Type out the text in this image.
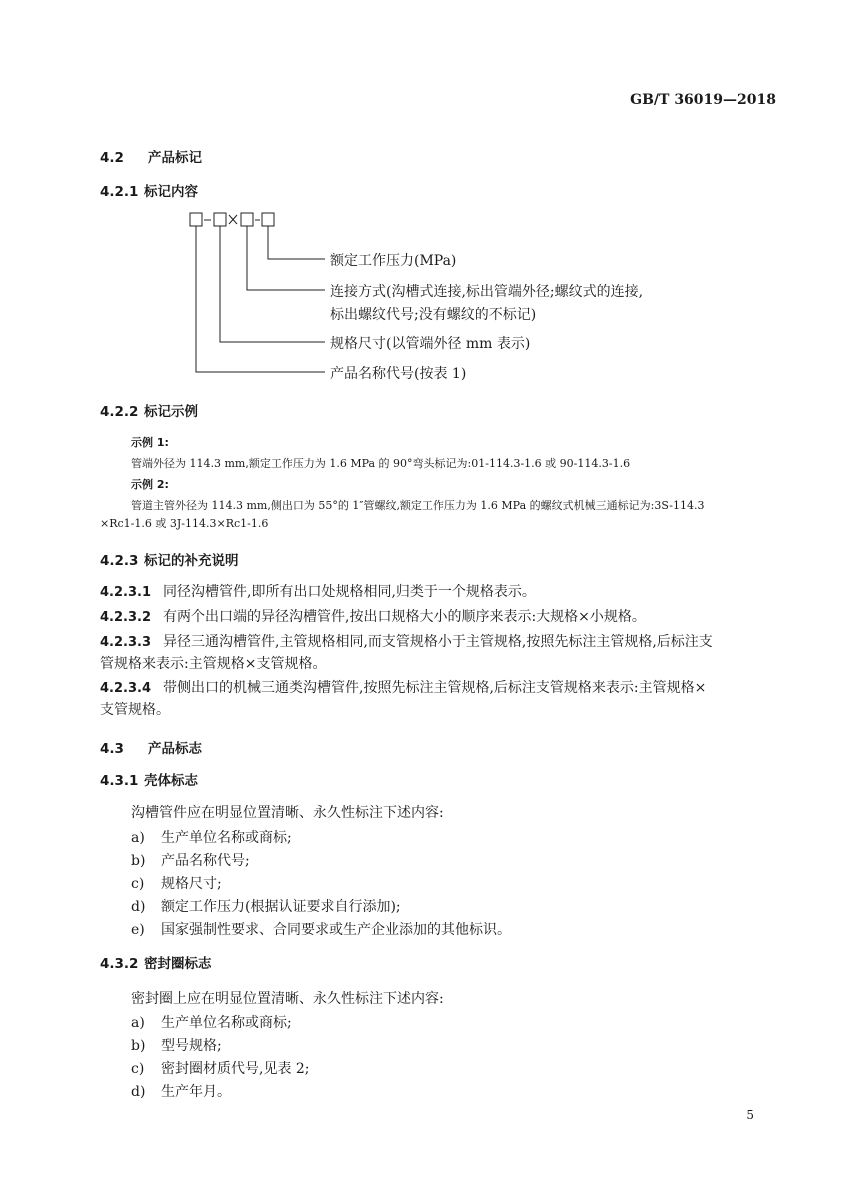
GB/T 36019—2018
4.2 产品标记
4.2.1 标记内容
□-□×□-□
额定工作压力(MPa)
连接方式(沟槽式连接,标出管端外径;螺纹式的连接,
标出螺纹代号;没有螺纹的不标记)
规格尺寸(以管端外径 mm 表示)
产品名称代号(按表 1)
4.2.2 标记示例
示例 1:
管端外径为 114.3 mm,额定工作压力为 1.6 MPa 的 90°弯头标记为:01-114.3-1.6 或 90-114.3-1.6
示例 2:
管道主管外径为 114.3 mm,侧出口为 55°的 1″管螺纹,额定工作压力为 1.6 MPa 的螺纹式机械三通标记为:3S-114.3
×Rc1-1.6 或 3J-114.3×Rc1-1.6
4.2.3 标记的补充说明
4.2.3.1 同径沟槽管件,即所有出口处规格相同,归类于一个规格表示。
4.2.3.2 有两个出口端的异径沟槽管件,按出口规格大小的顺序来表示:大规格×小规格。
4.2.3.3 异径三通沟槽管件,主管规格相同,而支管规格小于主管规格,按照先标注主管规格,后标注支
管规格来表示:主管规格×支管规格。
4.2.3.4 带侧出口的机械三通类沟槽管件,按照先标注主管规格,后标注支管规格来表示:主管规格×
支管规格。
4.3 产品标志
4.3.1 壳体标志
沟槽管件应在明显位置清晰、永久性标注下述内容:
a) 生产单位名称或商标;
b) 产品名称代号;
c) 规格尺寸;
d) 额定工作压力(根据认证要求自行添加);
e) 国家强制性要求、合同要求或生产企业添加的其他标识。
4.3.2 密封圈标志
密封圈上应在明显位置清晰、永久性标注下述内容:
a) 生产单位名称或商标;
b) 型号规格;
c) 密封圈材质代号,见表 2;
d) 生产年月。
5
